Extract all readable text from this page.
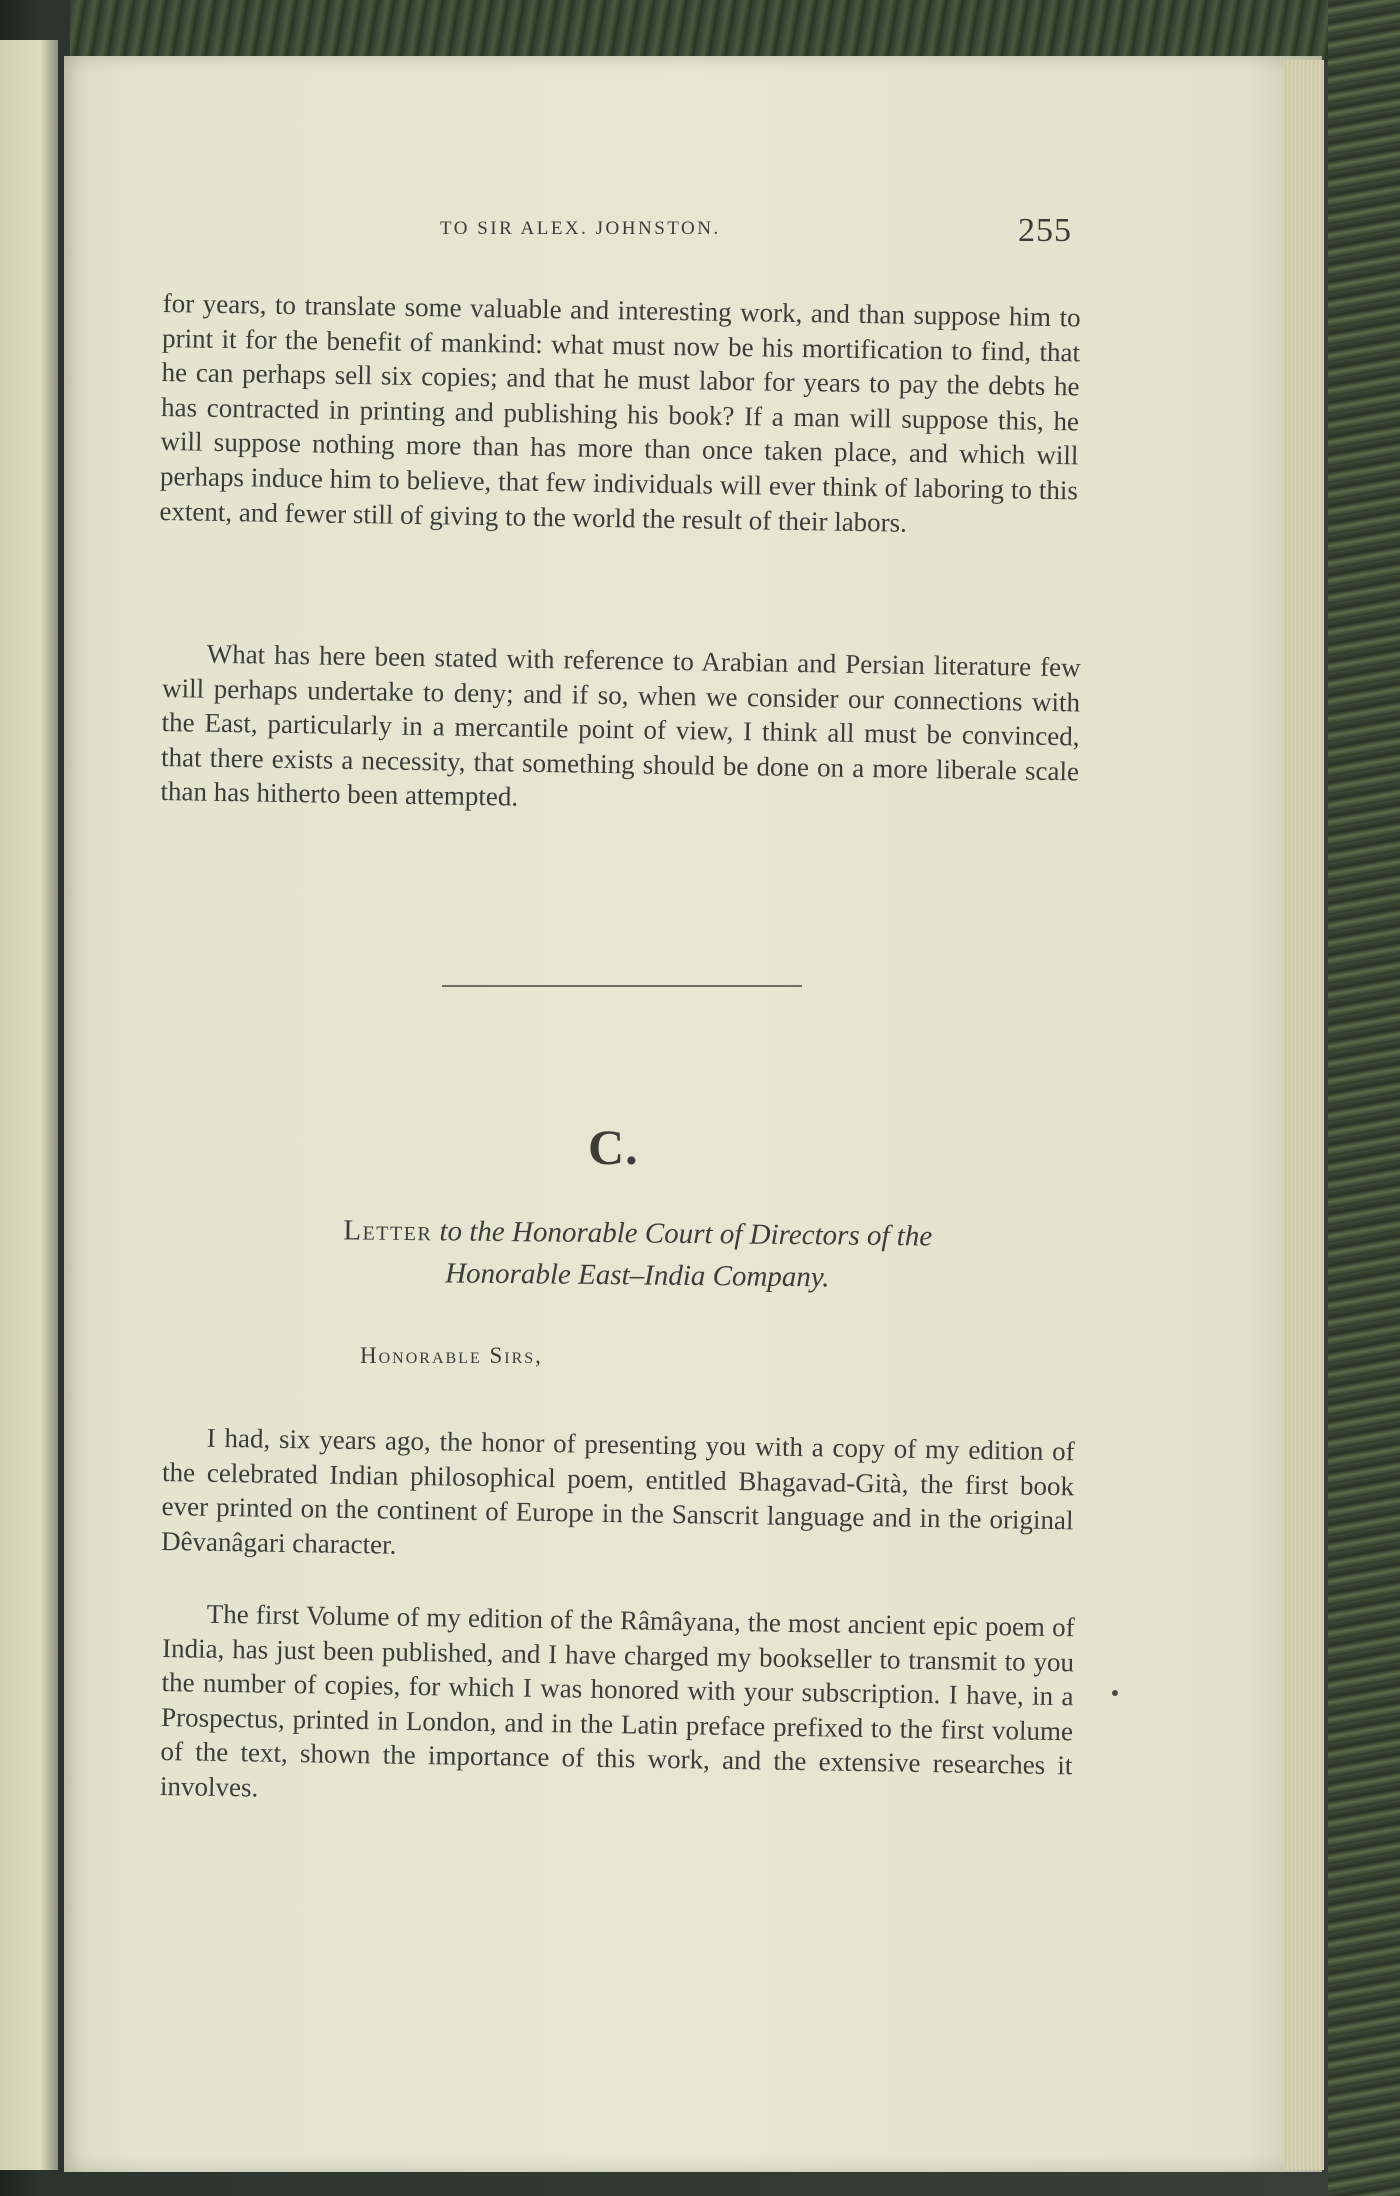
TO SIR ALEX. JOHNSTON.	255
for years, to translate some valuable and interesting work, and than suppose him to print it for the benefit of mankind: what must now be his mortification to find, that he can perhaps sell six copies; and that he must labor for years to pay the debts he has contracted in printing and publishing his book? If a man will suppose this, he will suppose nothing more than has more than once taken place, and which will perhaps induce him to believe, that few individuals will ever think of laboring to this extent, and fewer still of giving to the world the result of their labors.
What has here been stated with reference to Arabian and Persian literature few will perhaps undertake to deny; and if so, when we consider our connections with the East, particularly in a mercantile point of view, I think all must be convinced, that there exists a necessity, that something should be done on a more liberale scale than has hitherto been attempted.
C.
Letter to the Honorable Court of Directors of the
Honorable East–India Company.
Honorable Sirs,
I had, six years ago, the honor of presenting you with a copy of my edition of the celebrated Indian philosophical poem, entitled Bhagavad-Gità, the first book ever printed on the continent of Europe in the Sanscrit language and in the original Dêvanâgari character.
The first Volume of my edition of the Râmâyana, the most ancient epic poem of India, has just been published, and I have charged my bookseller to transmit to you the number of copies, for which I was honored with your subscription. I have, in a Prospectus, printed in London, and in the Latin preface prefixed to the first volume of the text, shown the importance of this work, and the extensive researches it involves.
